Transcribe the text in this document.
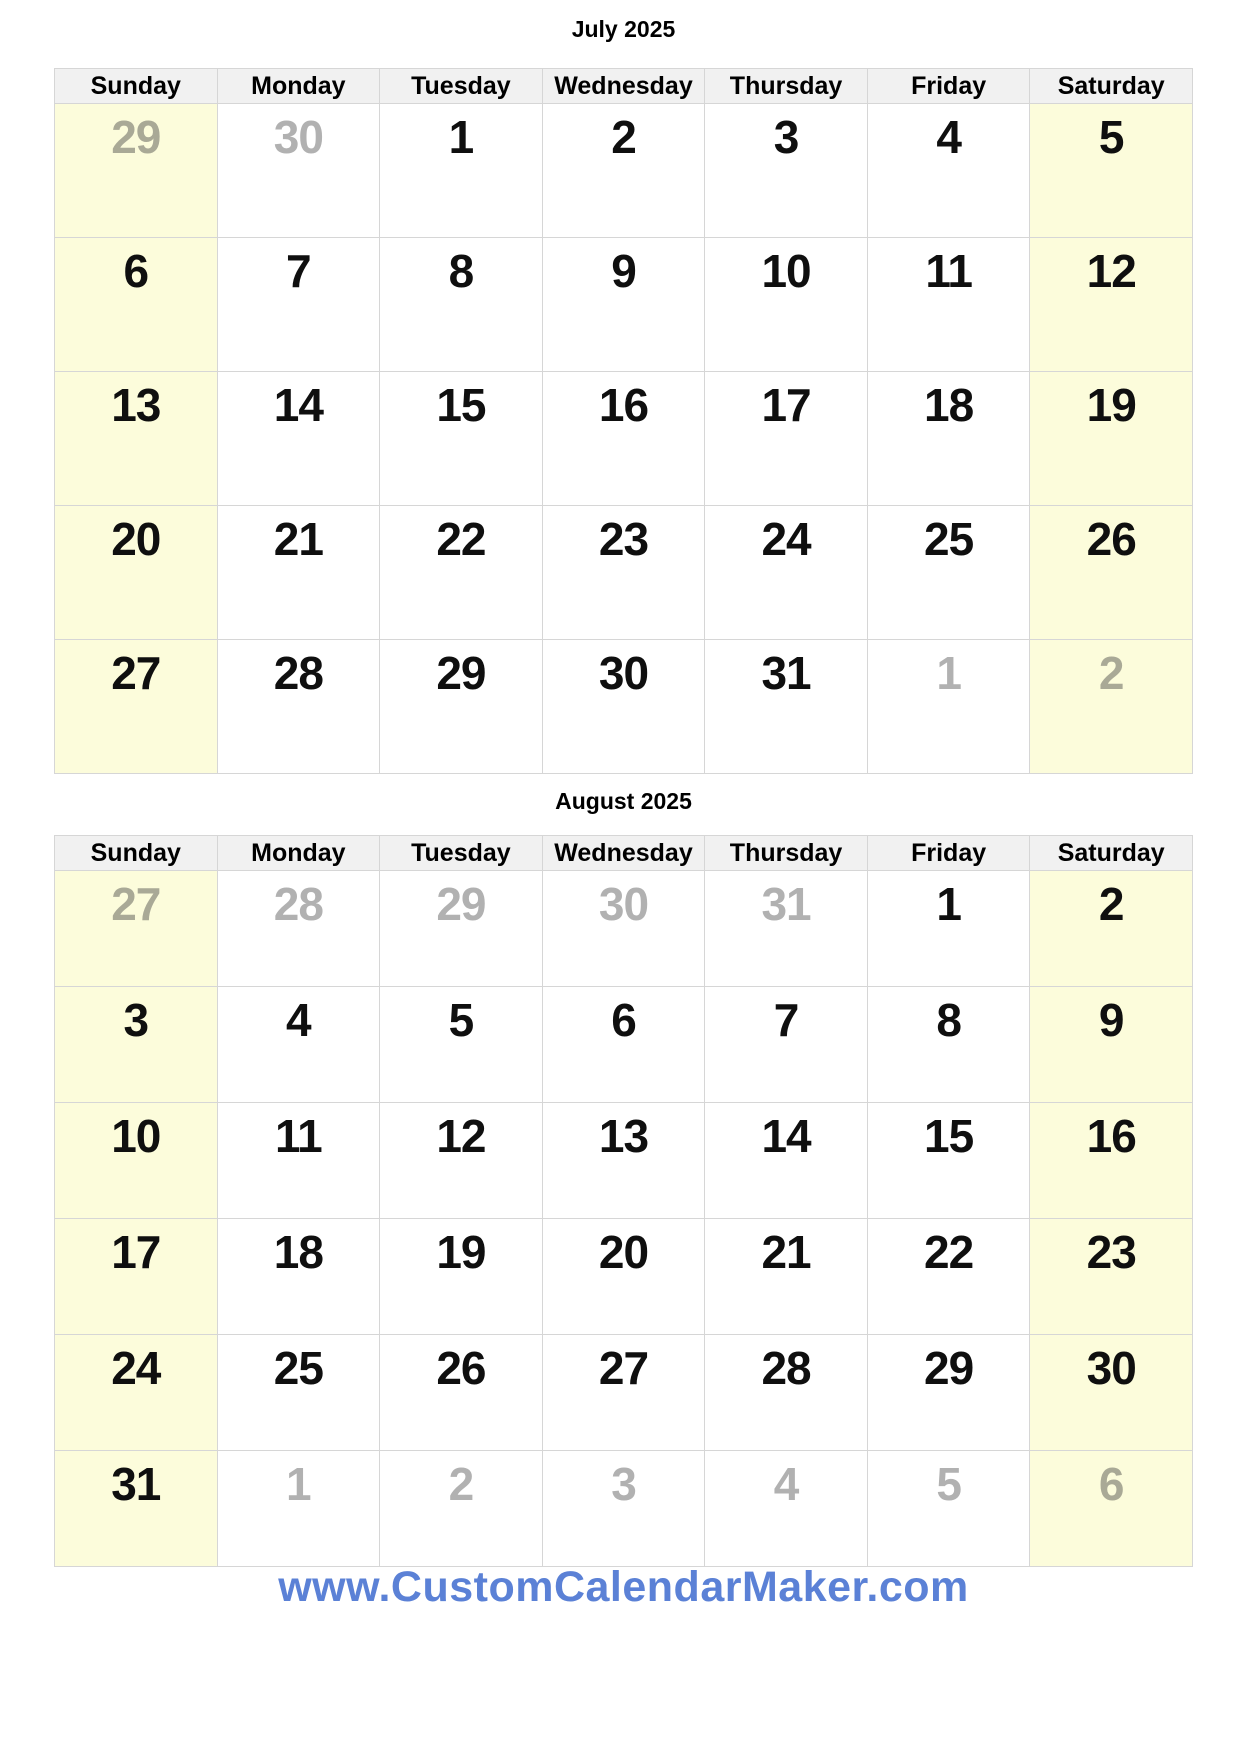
July 2025
Sunday	Monday	Tuesday	Wednesday	Thursday	Friday	Saturday
29	30	1	2	3	4	5
6	7	8	9	10	11	12
13	14	15	16	17	18	19
20	21	22	23	24	25	26
27	28	29	30	31	1	2
August 2025
Sunday	Monday	Tuesday	Wednesday	Thursday	Friday	Saturday
27	28	29	30	31	1	2
3	4	5	6	7	8	9
10	11	12	13	14	15	16
17	18	19	20	21	22	23
24	25	26	27	28	29	30
31	1	2	3	4	5	6
www.CustomCalendarMaker.com
